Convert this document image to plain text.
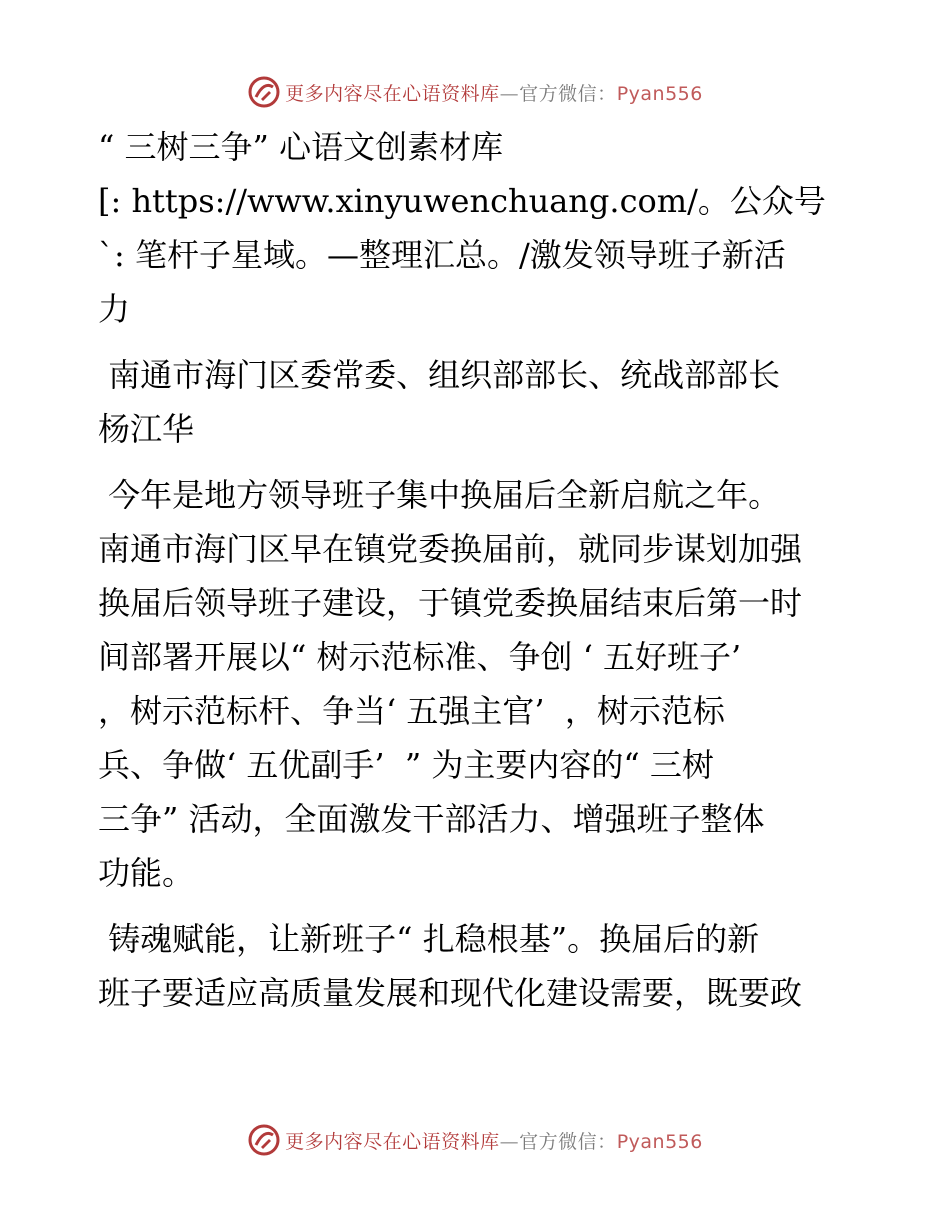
更多内容尽在心语资料库—官方微信：Pyan556

“ 三树三争” 心语文创素材库

[: https://www.xinyuwenchuang.com/。公众号

`: 笔杆子星域。—整理汇总。/激发领导班子新活

力

南通市海门区委常委、组织部部长、统战部部长

杨江华

今年是地方领导班子集中换届后全新启航之年。

南通市海门区早在镇党委换届前，就同步谋划加强

换届后领导班子建设，于镇党委换届结束后第一时

间部署开展以“ 树示范标准、争创 ‘ 五好班子’

，树示范标杆、争当‘ 五强主官’  ，树示范标

兵、争做‘ 五优副手’  ” 为主要内容的“ 三树

三争” 活动，全面激发干部活力、增强班子整体

功能。

铸魂赋能，让新班子“ 扎稳根基”。换届后的新

班子要适应高质量发展和现代化建设需要，既要政

更多内容尽在心语资料库—官方微信：Pyan556
